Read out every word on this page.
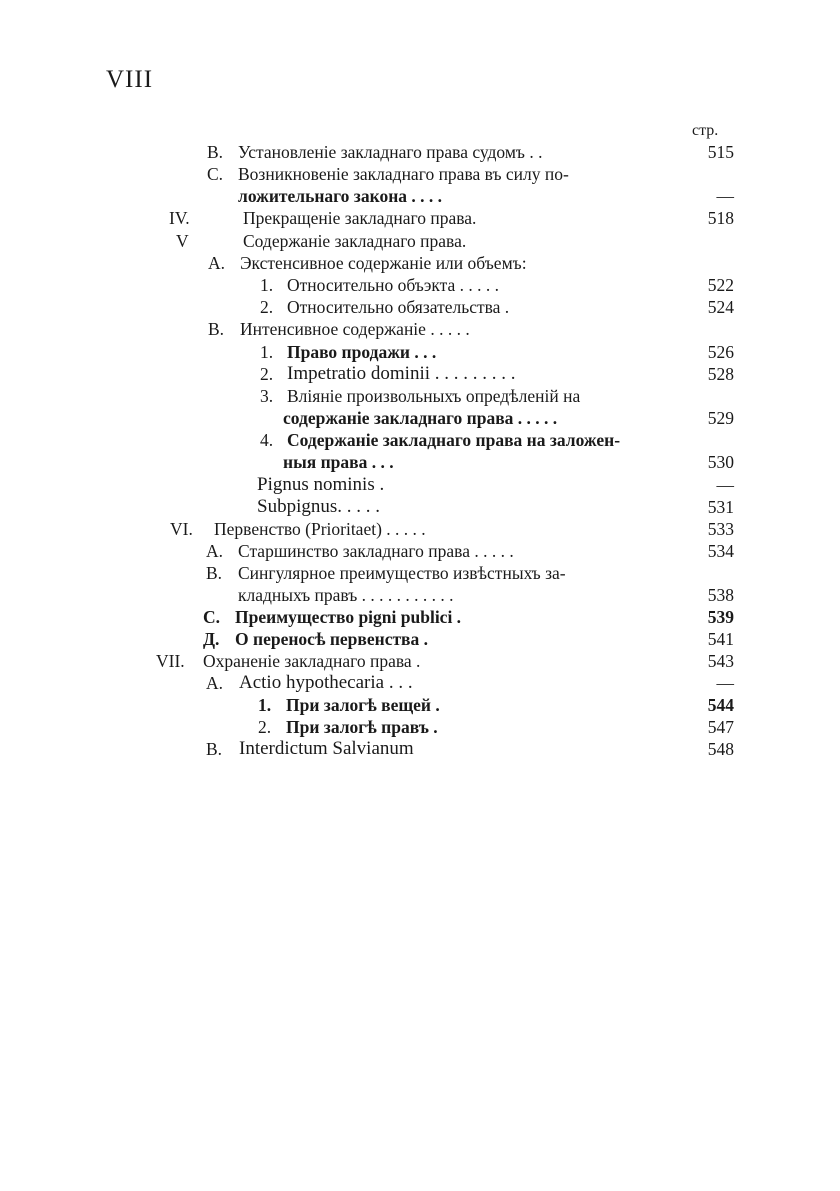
VIII
стр.
B. Установленіе закладнаго права судомъ . .	515
C. Возникновеніе закладнаго права въ силу по-
ложительнаго закона . . . .	—
IV.	Прекращеніе закладнаго права.	518
V	Содержаніе закладнаго права.
A. Экстенсивное содержаніе или объемъ:
1. Относительно объэкта . . . . .	522
2. Относительно обязательства .	524
B. Интенсивное содержаніе . . . . .
1. Право продажи . . .	526
2. Impetratio dominii . . . . . . . . .	528
3. Вліяніе произвольныхъ опредѣленій на
содержаніе закладнаго права . . . . .	529
4. Содержаніе закладнаго права на заложен-
ныя права . . .	530
Pignus nominis .	—
Subpignus. . . . .	531
VI. Первенство (Prioritaet) . . . . .	533
A. Старшинство закладнаго права . . . . .	534
B. Сингулярное преимущество извѣстныхъ за-
кладныхъ правъ . . . . . . . . . . .	538
C. Преимущество pigni publici .	539
Д. О переносѣ первенства .	541
VII. Охраненіе закладнаго права .	543
A. Actio hypothecaria . . .	—
1. При залогѣ вещей .	544
2. При залогѣ правъ .	547
B. Interdictum Salvianum	548
